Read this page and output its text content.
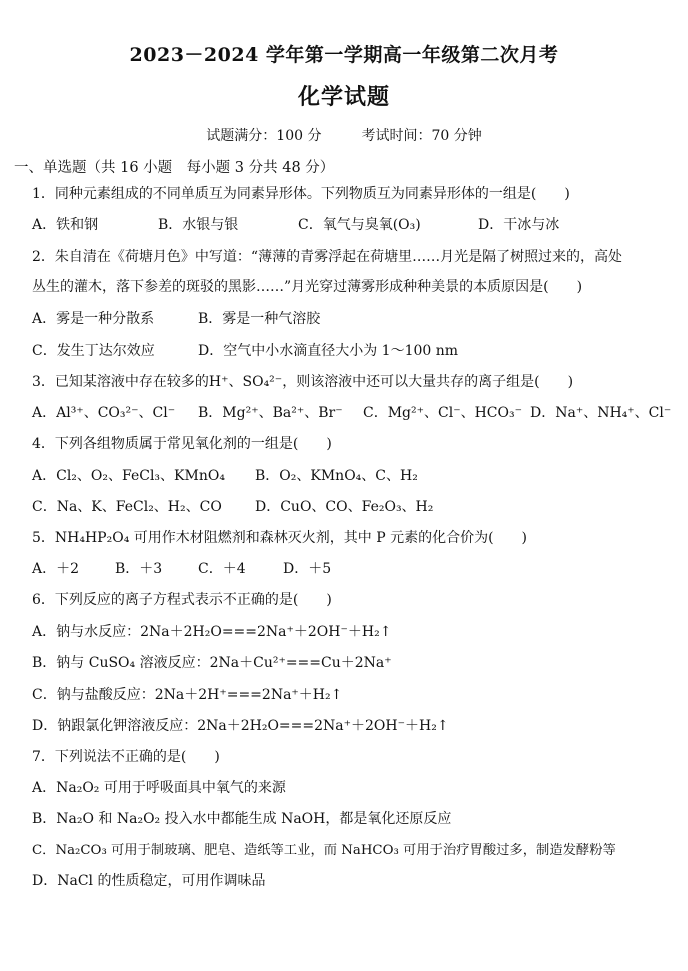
2023－2024 学年第一学期高一年级第二次月考
化学试题
试题满分：100 分	考试时间：70 分钟
一、单选题（共 16 小题　每小题 3 分共 48 分）
1．同种元素组成的不同单质互为同素异形体。下列物质互为同素异形体的一组是(　　)
A．铁和钢	B．水银与银	C．氧气与臭氧(O₃)	D．干冰与冰
2．朱自清在《荷塘月色》中写道：“薄薄的青雾浮起在荷塘里……月光是隔了树照过来的，高处
丛生的灌木，落下参差的斑驳的黑影……”月光穿过薄雾形成种种美景的本质原因是(　　)
A．雾是一种分散系	B．雾是一种气溶胶
C．发生丁达尔效应	D．空气中小水滴直径大小为 1～100 nm
3．已知某溶液中存在较多的H⁺、SO₄²⁻，则该溶液中还可以大量共存的离子组是(　　)
A．Al³⁺、CO₃²⁻、Cl⁻ B．Mg²⁺、Ba²⁺、Br⁻ C．Mg²⁺、Cl⁻、HCO₃⁻ D．Na⁺、NH₄⁺、Cl⁻
4．下列各组物质属于常见氧化剂的一组是(　　)
A．Cl₂、O₂、FeCl₃、KMnO₄ B．O₂、KMnO₄、C、H₂
C．Na、K、FeCl₂、H₂、CO D．CuO、CO、Fe₂O₃、H₂
5．NH₄HP₂O₄ 可用作木材阻燃剂和森林灭火剂，其中 P 元素的化合价为(　　)
A．＋2	B．＋3	C．＋4	D．＋5
6．下列反应的离子方程式表示不正确的是(　　)
A．钠与水反应：2Na＋2H₂O===2Na⁺＋2OH⁻＋H₂↑
B．钠与 CuSO₄ 溶液反应：2Na＋Cu²⁺===Cu＋2Na⁺
C．钠与盐酸反应：2Na＋2H⁺===2Na⁺＋H₂↑
D．钠跟氯化钾溶液反应：2Na＋2H₂O===2Na⁺＋2OH⁻＋H₂↑
7．下列说法不正确的是(　　)
A．Na₂O₂ 可用于呼吸面具中氧气的来源
B．Na₂O 和 Na₂O₂ 投入水中都能生成 NaOH，都是氧化还原反应
C．Na₂CO₃ 可用于制玻璃、肥皂、造纸等工业，而 NaHCO₃ 可用于治疗胃酸过多，制造发酵粉等
D．NaCl 的性质稳定，可用作调味品
